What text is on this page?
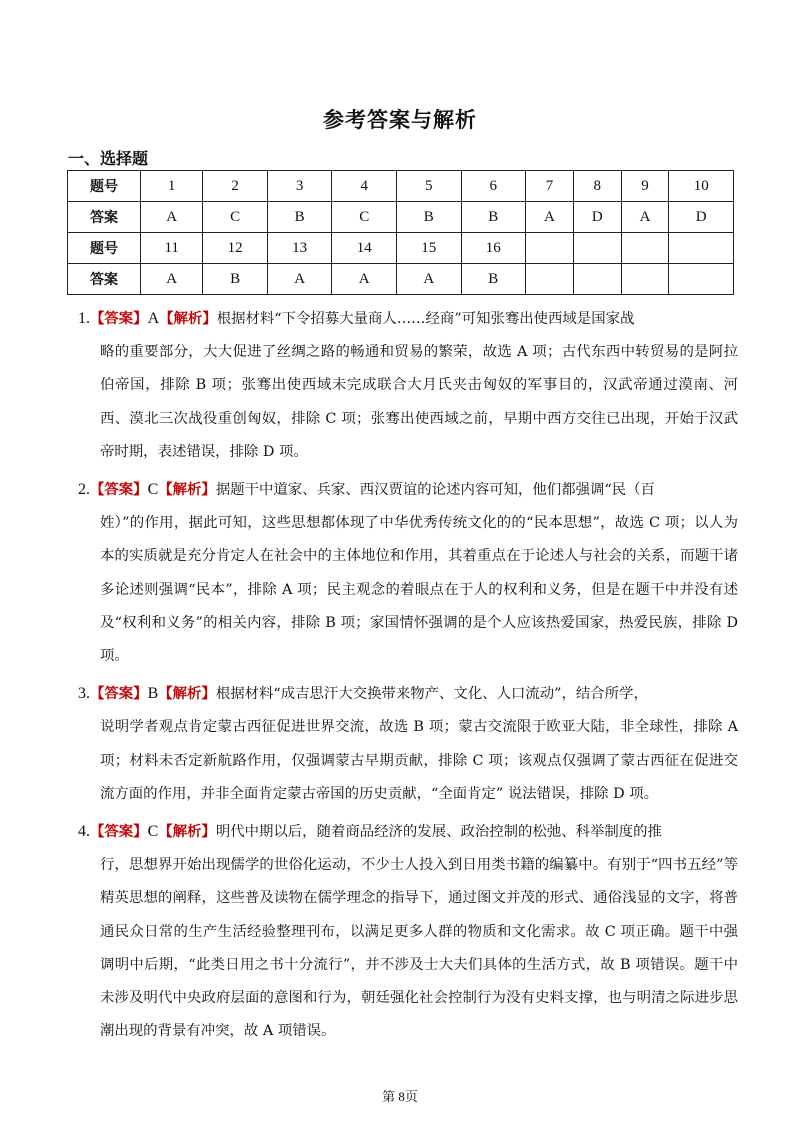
参考答案与解析
一、选择题
题号	1	2	3	4	5	6	7	8	9	10
答案	A	C	B	C	B	B	A	D	A	D
题号	11	12	13	14	15	16				
答案	A	B	A	A	A	B				
1.【答案】A【解析】根据材料“下令招募大量商人……经商”可知张骞出使西域是国家战
略的重要部分，大大促进了丝绸之路的畅通和贸易的繁荣，故选 A 项；古代东西中转贸易的是阿拉伯帝国，排除 B 项；张骞出使西域未完成联合大月氏夹击匈奴的军事目的，汉武帝通过漠南、河西、漠北三次战役重创匈奴，排除 C 项；张骞出使西域之前，早期中西方交往已出现，开始于汉武帝时期，表述错误，排除 D 项。
2.【答案】C【解析】据题干中道家、兵家、西汉贾谊的论述内容可知，他们都强调“民（百
姓）”的作用，据此可知，这些思想都体现了中华优秀传统文化的的“民本思想”，故选 C 项；以人为本的实质就是充分肯定人在社会中的主体地位和作用，其着重点在于论述人与社会的关系，而题干诸多论述则强调“民本”，排除 A 项；民主观念的着眼点在于人的权利和义务，但是在题干中并没有述及“权利和义务”的相关内容，排除 B 项；家国情怀强调的是个人应该热爱国家，热爱民族，排除 D 项。
3.【答案】B【解析】根据材料“成吉思汗大交换带来物产、文化、人口流动”，结合所学，
说明学者观点肯定蒙古西征促进世界交流，故选 B 项；蒙古交流限于欧亚大陆，非全球性，排除 A 项；材料未否定新航路作用，仅强调蒙古早期贡献，排除 C 项；该观点仅强调了蒙古西征在促进交流方面的作用，并非全面肯定蒙古帝国的历史贡献，“全面肯定” 说法错误，排除 D 项。
4.【答案】C【解析】明代中期以后，随着商品经济的发展、政治控制的松弛、科举制度的推
行，思想界开始出现儒学的世俗化运动，不少士人投入到日用类书籍的编纂中。有别于“四书五经”等精英思想的阐释，这些普及读物在儒学理念的指导下，通过图文并茂的形式、通俗浅显的文字，将普通民众日常的生产生活经验整理刊布，以满足更多人群的物质和文化需求。故 C 项正确。题干中强调明中后期，“此类日用之书十分流行”，并不涉及士大夫们具体的生活方式，故 B 项错误。题干中未涉及明代中央政府层面的意图和行为，朝廷强化社会控制行为没有史料支撑，也与明清之际进步思潮出现的背景有冲突，故 A 项错误。
第 8页
